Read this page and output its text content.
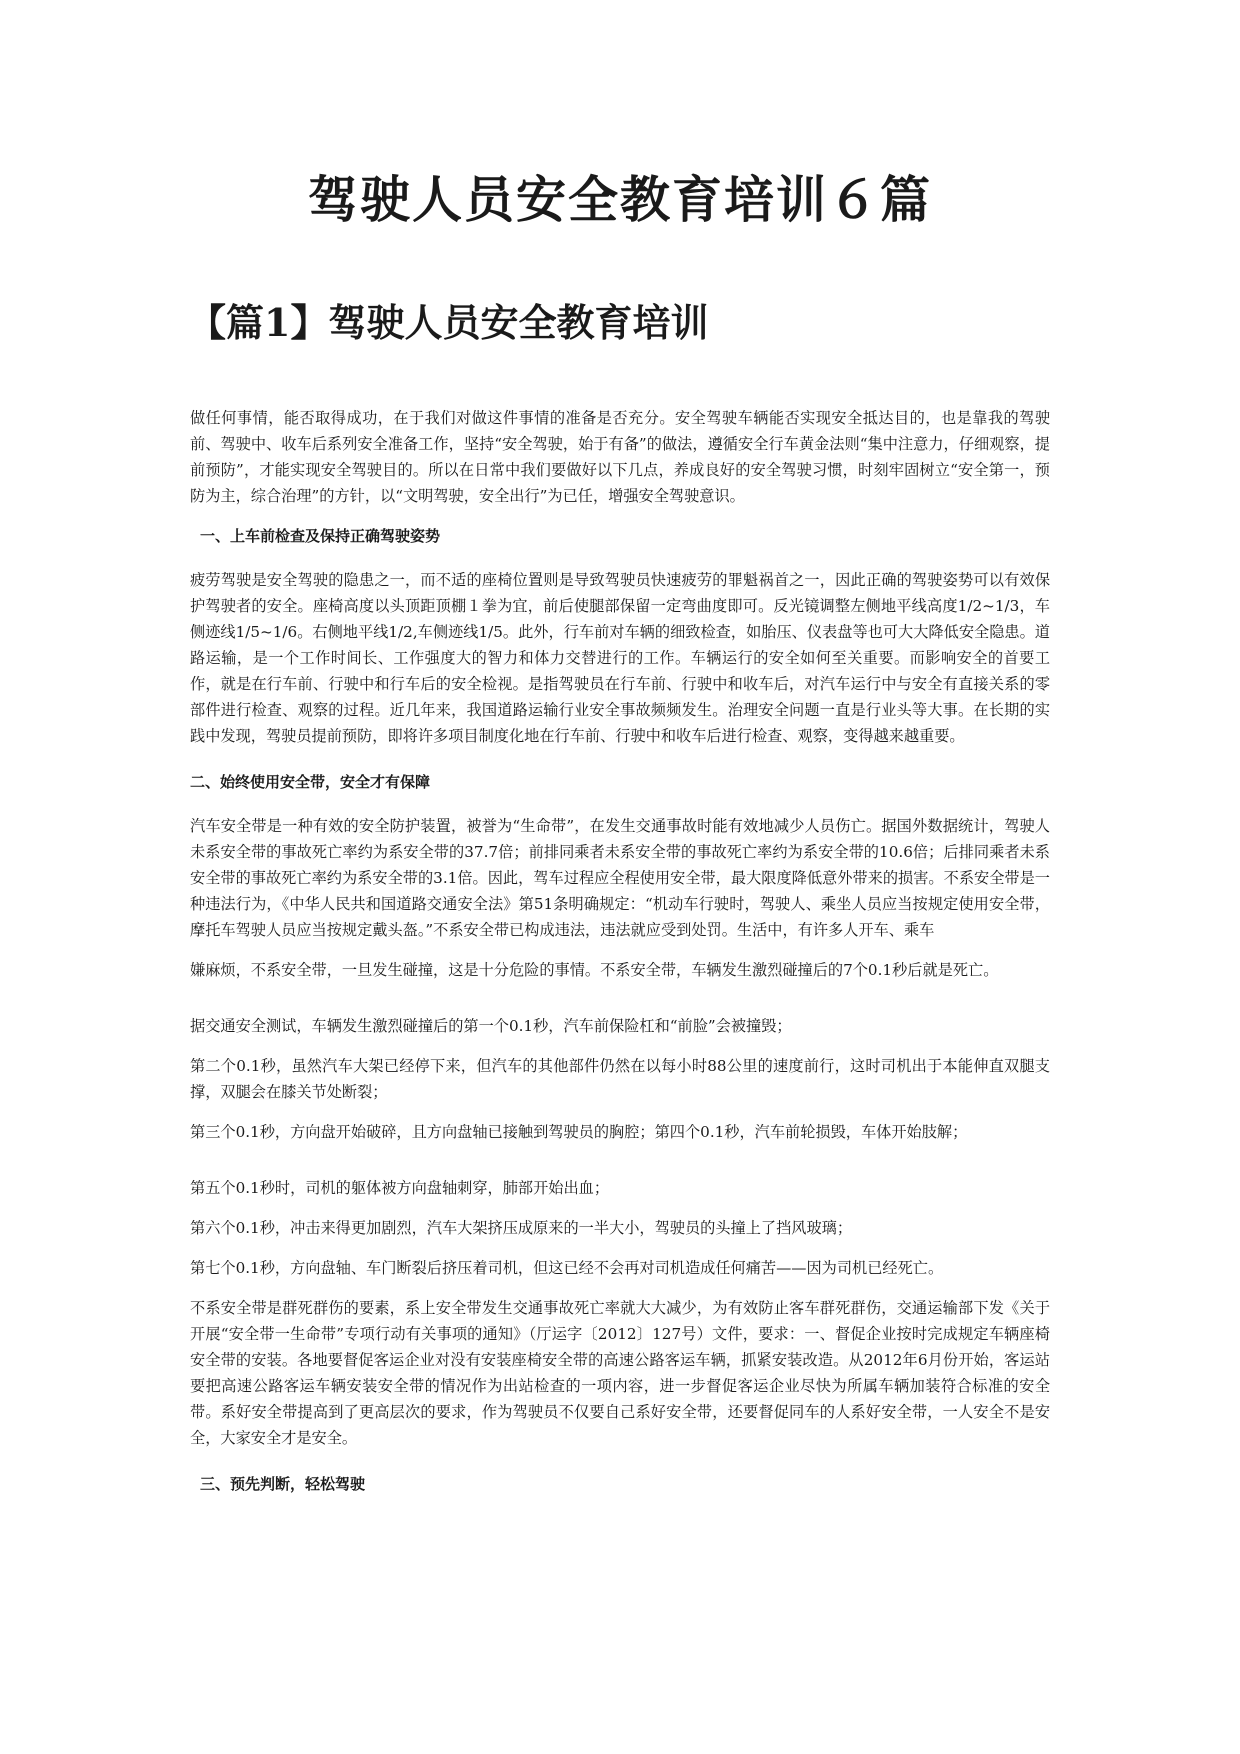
驾驶人员安全教育培训６篇
【篇1】驾驶人员安全教育培训

做任何事情，能否取得成功，在于我们对做这件事情的准备是否充分。安全驾驶车辆能否实现安全抵达目的，也是靠我的驾驶前、驾驶中、收车后系列安全准备工作，坚持“安全驾驶，始于有备”的做法，遵循安全行车黄金法则“集中注意力，仔细观察，提前预防”，才能实现安全驾驶目的。所以在日常中我们要做好以下几点，养成良好的安全驾驶习惯，时刻牢固树立“安全第一，预防为主，综合治理”的方针，以“文明驾驶，安全出行”为已任，增强安全驾驶意识。

一、上车前检查及保持正确驾驶姿势

疲劳驾驶是安全驾驶的隐患之一，而不适的座椅位置则是导致驾驶员快速疲劳的罪魁祸首之一，因此正确的驾驶姿势可以有效保护驾驶者的安全。座椅高度以头顶距顶棚１拳为宜，前后使腿部保留一定弯曲度即可。反光镜调整左侧地平线高度1/2~1/3，车侧迹线1/5~1/6。右侧地平线1/2,车侧迹线1/5。此外，行车前对车辆的细致检查，如胎压、仪表盘等也可大大降低安全隐患。道路运输，是一个工作时间长、工作强度大的智力和体力交替进行的工作。车辆运行的安全如何至关重要。而影响安全的首要工作，就是在行车前、行驶中和行车后的安全检视。是指驾驶员在行车前、行驶中和收车后，对汽车运行中与安全有直接关系的零部件进行检查、观察的过程。近几年来，我国道路运输行业安全事故频频发生。治理安全问题一直是行业头等大事。在长期的实践中发现，驾驶员提前预防，即将许多项目制度化地在行车前、行驶中和收车后进行检查、观察，变得越来越重要。

二、始终使用安全带，安全才有保障

汽车安全带是一种有效的安全防护装置，被誉为“生命带”，在发生交通事故时能有效地减少人员伤亡。据国外数据统计，驾驶人未系安全带的事故死亡率约为系安全带的37.7倍；前排同乘者未系安全带的事故死亡率约为系安全带的10.6倍；后排同乘者未系安全带的事故死亡率约为系安全带的3.1倍。因此，驾车过程应全程使用安全带，最大限度降低意外带来的损害。不系安全带是一种违法行为，《中华人民共和国道路交通安全法》第51条明确规定：“机动车行驶时，驾驶人、乘坐人员应当按规定使用安全带，摩托车驾驶人员应当按规定戴头盔。”不系安全带已构成违法，违法就应受到处罚。生活中，有许多人开车、乘车

嫌麻烦，不系安全带，一旦发生碰撞，这是十分危险的事情。不系安全带，车辆发生激烈碰撞后的7个0.1秒后就是死亡。

据交通安全测试，车辆发生激烈碰撞后的第一个0.1秒，汽车前保险杠和“前脸”会被撞毁；

第二个0.1秒，虽然汽车大架已经停下来，但汽车的其他部件仍然在以每小时88公里的速度前行，这时司机出于本能伸直双腿支撑，双腿会在膝关节处断裂；

第三个0.1秒，方向盘开始破碎，且方向盘轴已接触到驾驶员的胸腔；第四个0.1秒，汽车前轮损毁，车体开始肢解；

第五个0.1秒时，司机的躯体被方向盘轴刺穿，肺部开始出血；

第六个0.1秒，冲击来得更加剧烈，汽车大架挤压成原来的一半大小，驾驶员的头撞上了挡风玻璃；

第七个0.1秒，方向盘轴、车门断裂后挤压着司机，但这已经不会再对司机造成任何痛苦——因为司机已经死亡。

不系安全带是群死群伤的要素，系上安全带发生交通事故死亡率就大大减少，为有效防止客车群死群伤，交通运输部下发《关于开展“安全带一生命带”专项行动有关事项的通知》（厅运字〔2012〕127号）文件，要求：一、督促企业按时完成规定车辆座椅安全带的安装。各地要督促客运企业对没有安装座椅安全带的高速公路客运车辆，抓紧安装改造。从2012年6月份开始，客运站要把高速公路客运车辆安装安全带的情况作为出站检查的一项内容，进一步督促客运企业尽快为所属车辆加装符合标准的安全带。系好安全带提高到了更高层次的要求，作为驾驶员不仅要自己系好安全带，还要督促同车的人系好安全带，一人安全不是安全，大家安全才是安全。

三、预先判断，轻松驾驶
